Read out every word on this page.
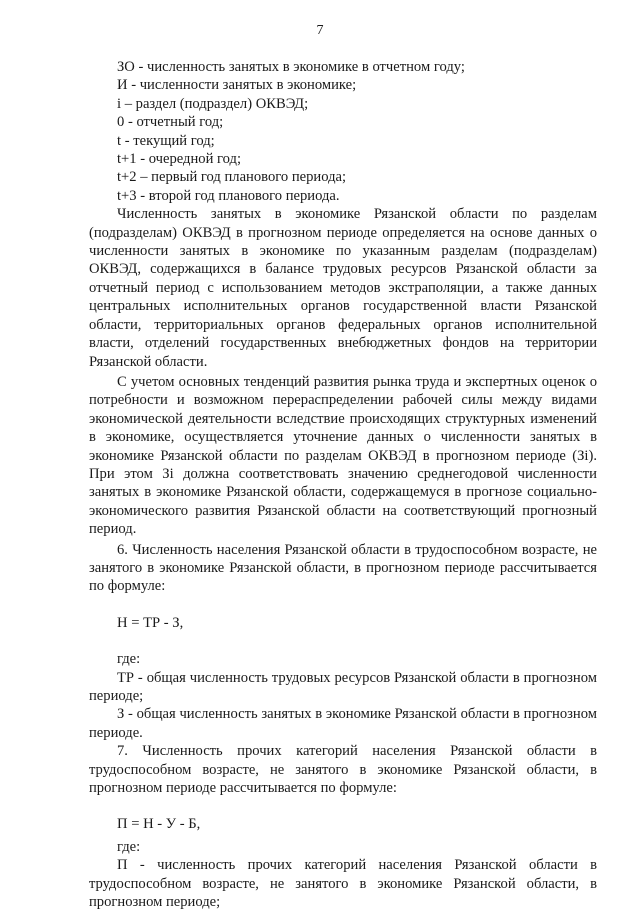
7

ЗО - численность занятых в экономике в отчетном году;

И - численности занятых в экономике;

i – раздел (подраздел) ОКВЭД;

0 - отчетный год;

t - текущий год;

t+1 - очередной год;

t+2 – первый год планового периода;

t+3 - второй год планового периода.

Численность занятых в экономике Рязанской области по разделам (подразделам) ОКВЭД в прогнозном периоде определяется на основе данных о численности занятых в экономике по указанным разделам (подразделам) ОКВЭД, содержащихся в балансе трудовых ресурсов Рязанской области за отчетный период с использованием методов экстраполяции, а также данных центральных исполнительных органов государственной власти Рязанской области, территориальных органов федеральных органов исполнительной власти, отделений государственных внебюджетных фондов на территории Рязанской области.

С учетом основных тенденций развития рынка труда и экспертных оценок о потребности и возможном перераспределении рабочей силы между видами экономической деятельности вследствие происходящих структурных изменений в экономике, осуществляется уточнение данных о численности занятых в экономике Рязанской области по разделам ОКВЭД в прогнозном периоде (Зi). При этом Зi должна соответствовать значению среднегодовой численности занятых в экономике Рязанской области, содержащемуся в прогнозе социально-экономического развития Рязанской области на соответствующий прогнозный период.

6. Численность населения Рязанской области в трудоспособном возрасте, не занятого в экономике Рязанской области, в прогнозном периоде рассчитывается по формуле:

Н = ТР - З,

где:

ТР - общая численность трудовых ресурсов Рязанской области в прогнозном периоде;

З - общая численность занятых в экономике Рязанской области в прогнозном периоде.

7. Численность прочих категорий населения Рязанской области в трудоспособном возрасте, не занятого в экономике Рязанской области, в прогнозном периоде рассчитывается по формуле:

П = Н - У - Б,

где:

П - численность прочих категорий населения Рязанской области в трудоспособном возрасте, не занятого в экономике Рязанской области, в прогнозном периоде;
